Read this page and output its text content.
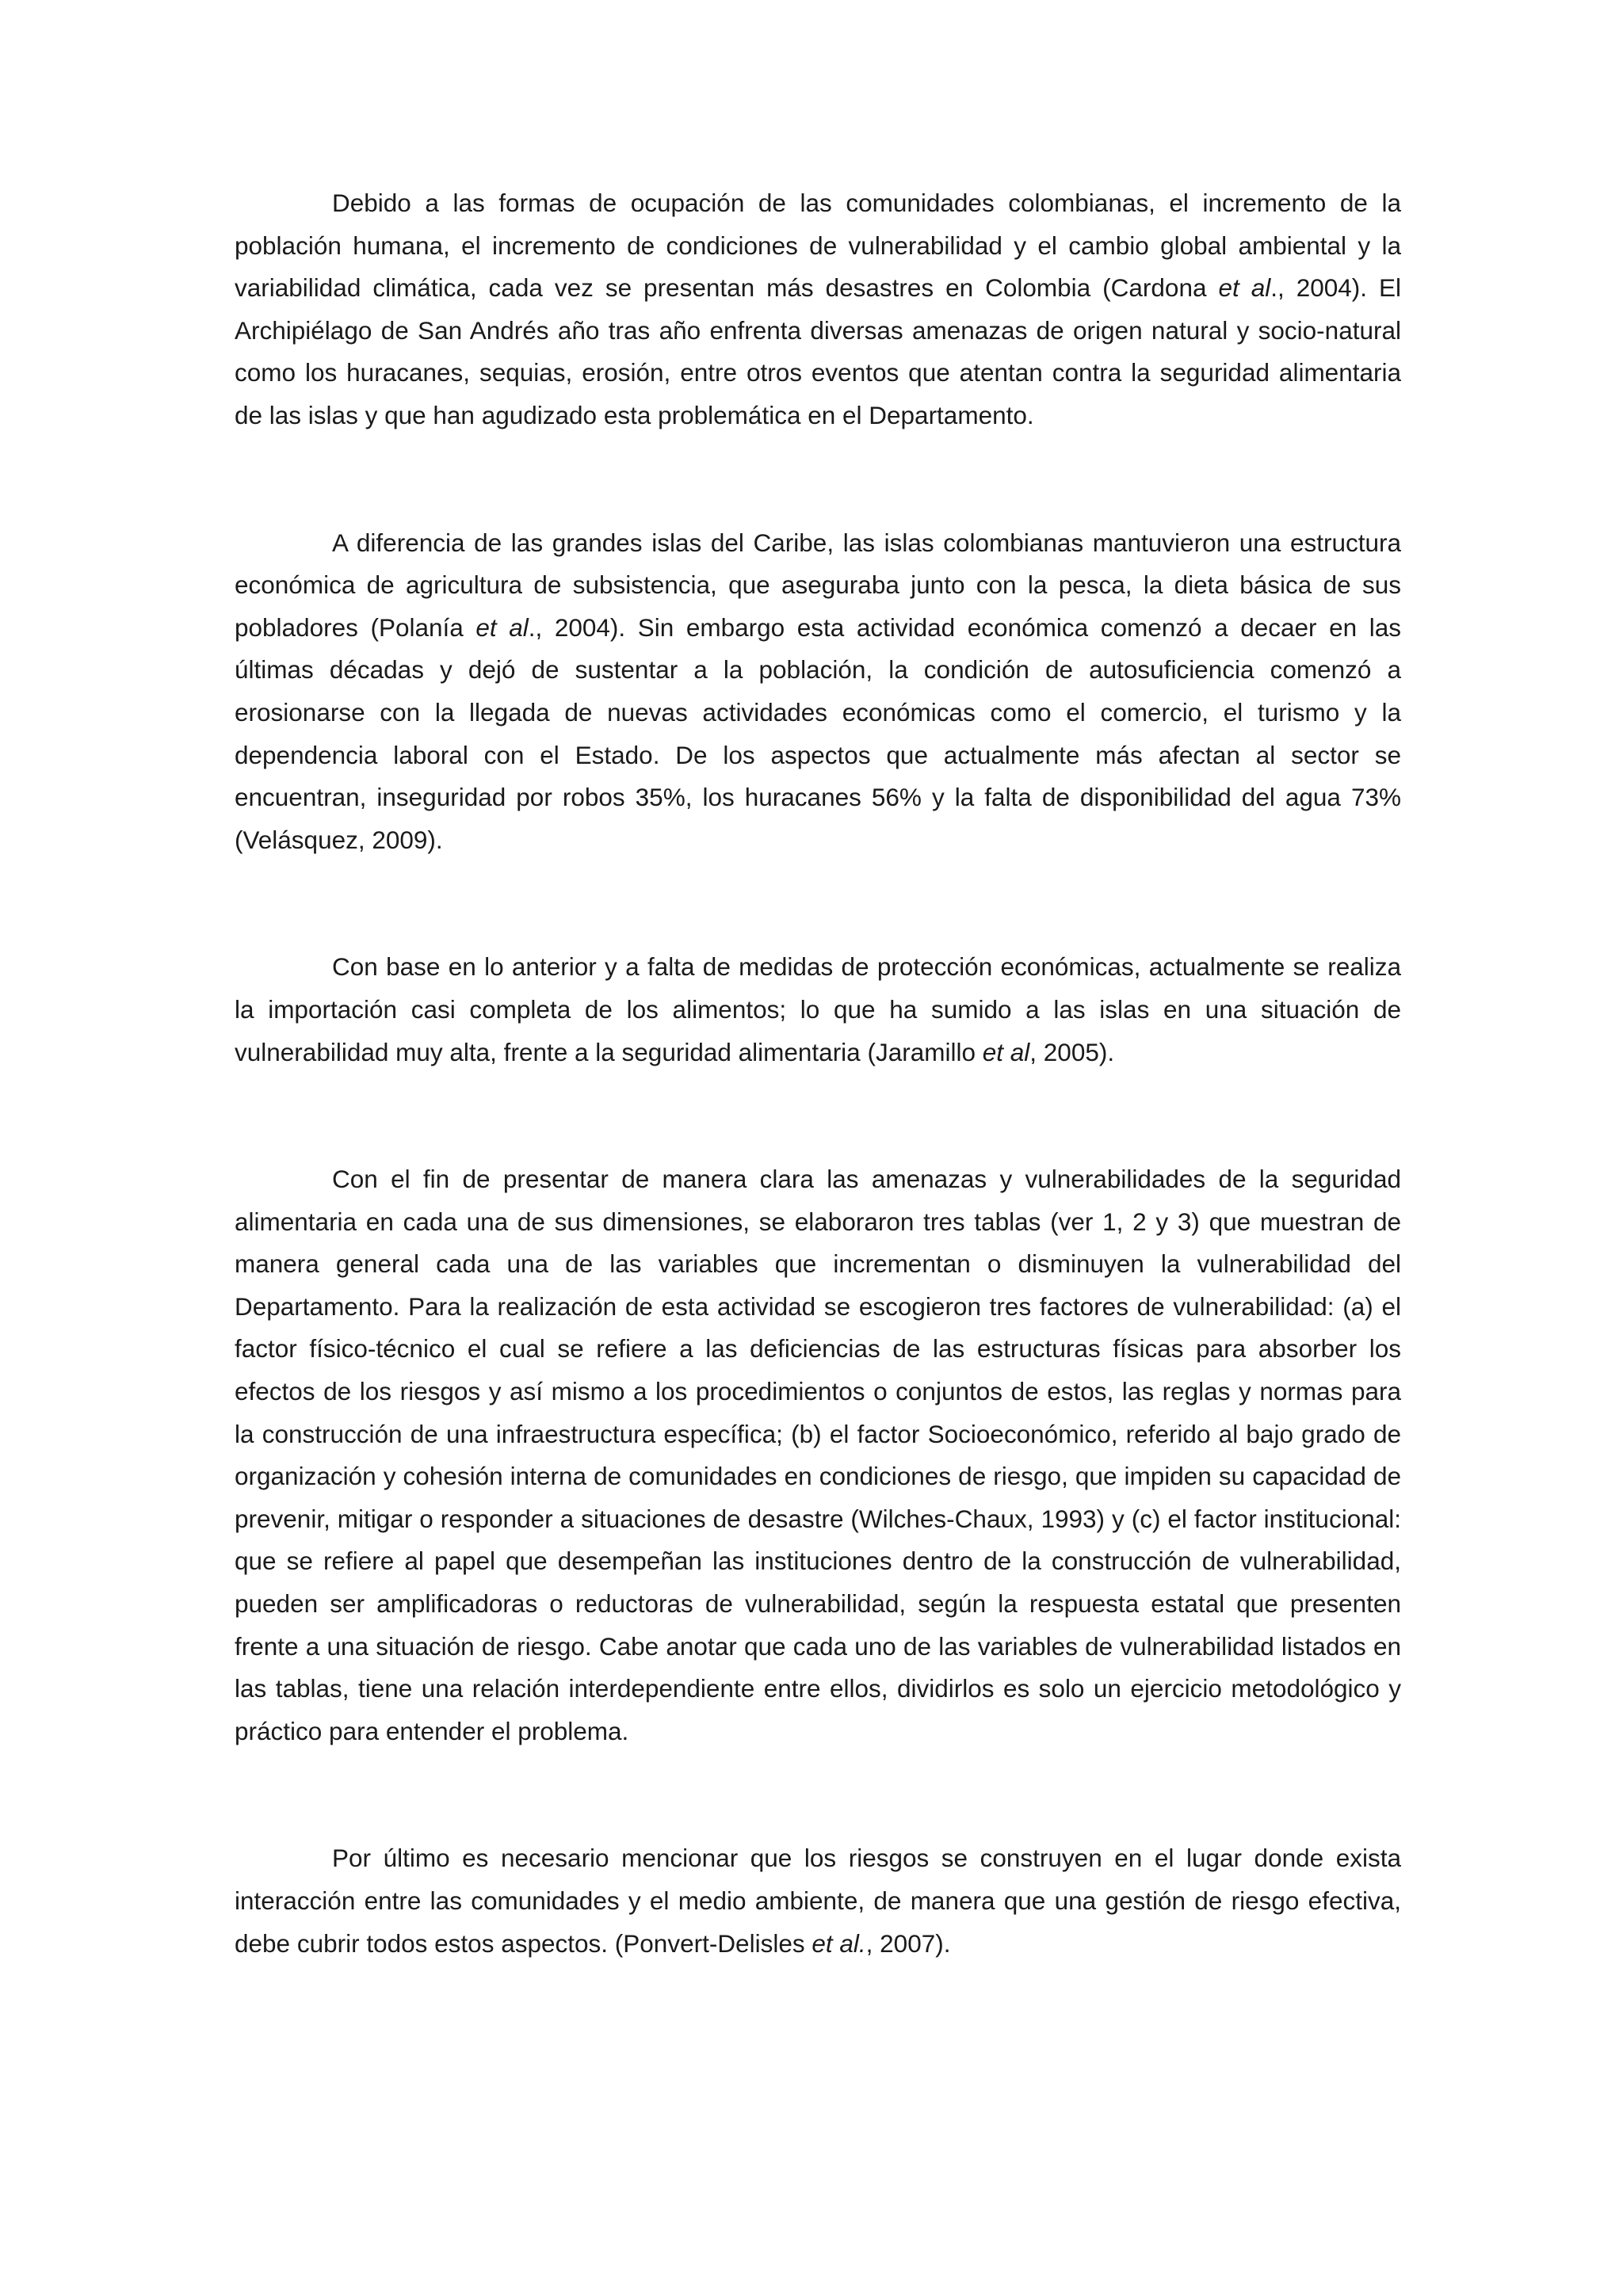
Debido a las formas de ocupación de las comunidades colombianas, el incremento de la población humana, el incremento de condiciones de vulnerabilidad y el cambio global ambiental y la variabilidad climática, cada vez se presentan más desastres en Colombia (Cardona et al., 2004). El Archipiélago de San Andrés año tras año enfrenta diversas amenazas de origen natural y socio-natural como los huracanes, sequias, erosión, entre otros eventos que atentan contra la seguridad alimentaria de las islas y que han agudizado esta problemática en el Departamento.

A diferencia de las grandes islas del Caribe, las islas colombianas mantuvieron una estructura económica de agricultura de subsistencia, que aseguraba junto con la pesca, la dieta básica de sus pobladores (Polanía et al., 2004). Sin embargo esta actividad económica comenzó a decaer en las últimas décadas y dejó de sustentar a la población, la condición de autosuficiencia comenzó a erosionarse con la llegada de nuevas actividades económicas como el comercio, el turismo y la dependencia laboral con el Estado. De los aspectos que actualmente más afectan al sector se encuentran, inseguridad por robos 35%, los huracanes 56% y la falta de disponibilidad del agua 73% (Velásquez, 2009).

Con base en lo anterior y a falta de medidas de protección económicas, actualmente se realiza la importación casi completa de los alimentos; lo que ha sumido a las islas en una situación de vulnerabilidad muy alta, frente a la seguridad alimentaria (Jaramillo et al, 2005).

Con el fin de presentar de manera clara las amenazas y vulnerabilidades de la seguridad alimentaria en cada una de sus dimensiones, se elaboraron tres tablas (ver 1, 2 y 3) que muestran de manera general cada una de las variables que incrementan o disminuyen la vulnerabilidad del Departamento. Para la realización de esta actividad se escogieron tres factores de vulnerabilidad: (a) el factor físico-técnico el cual se refiere a las deficiencias de las estructuras físicas para absorber los efectos de los riesgos y así mismo a los procedimientos o conjuntos de estos, las reglas y normas para la construcción de una infraestructura específica; (b) el factor Socioeconómico, referido al bajo grado de organización y cohesión interna de comunidades en condiciones de riesgo, que impiden su capacidad de prevenir, mitigar o responder a situaciones de desastre (Wilches-Chaux, 1993) y (c) el factor institucional: que se refiere al papel que desempeñan las instituciones dentro de la construcción de vulnerabilidad, pueden ser amplificadoras o reductoras de vulnerabilidad, según la respuesta estatal que presenten frente a una situación de riesgo. Cabe anotar que cada uno de las variables de vulnerabilidad listados en las tablas, tiene una relación interdependiente entre ellos, dividirlos es solo un ejercicio metodológico y práctico para entender el problema.

Por último es necesario mencionar que los riesgos se construyen en el lugar donde exista interacción entre las comunidades y el medio ambiente, de manera que una gestión de riesgo efectiva, debe cubrir todos estos aspectos. (Ponvert-Delisles et al., 2007).
